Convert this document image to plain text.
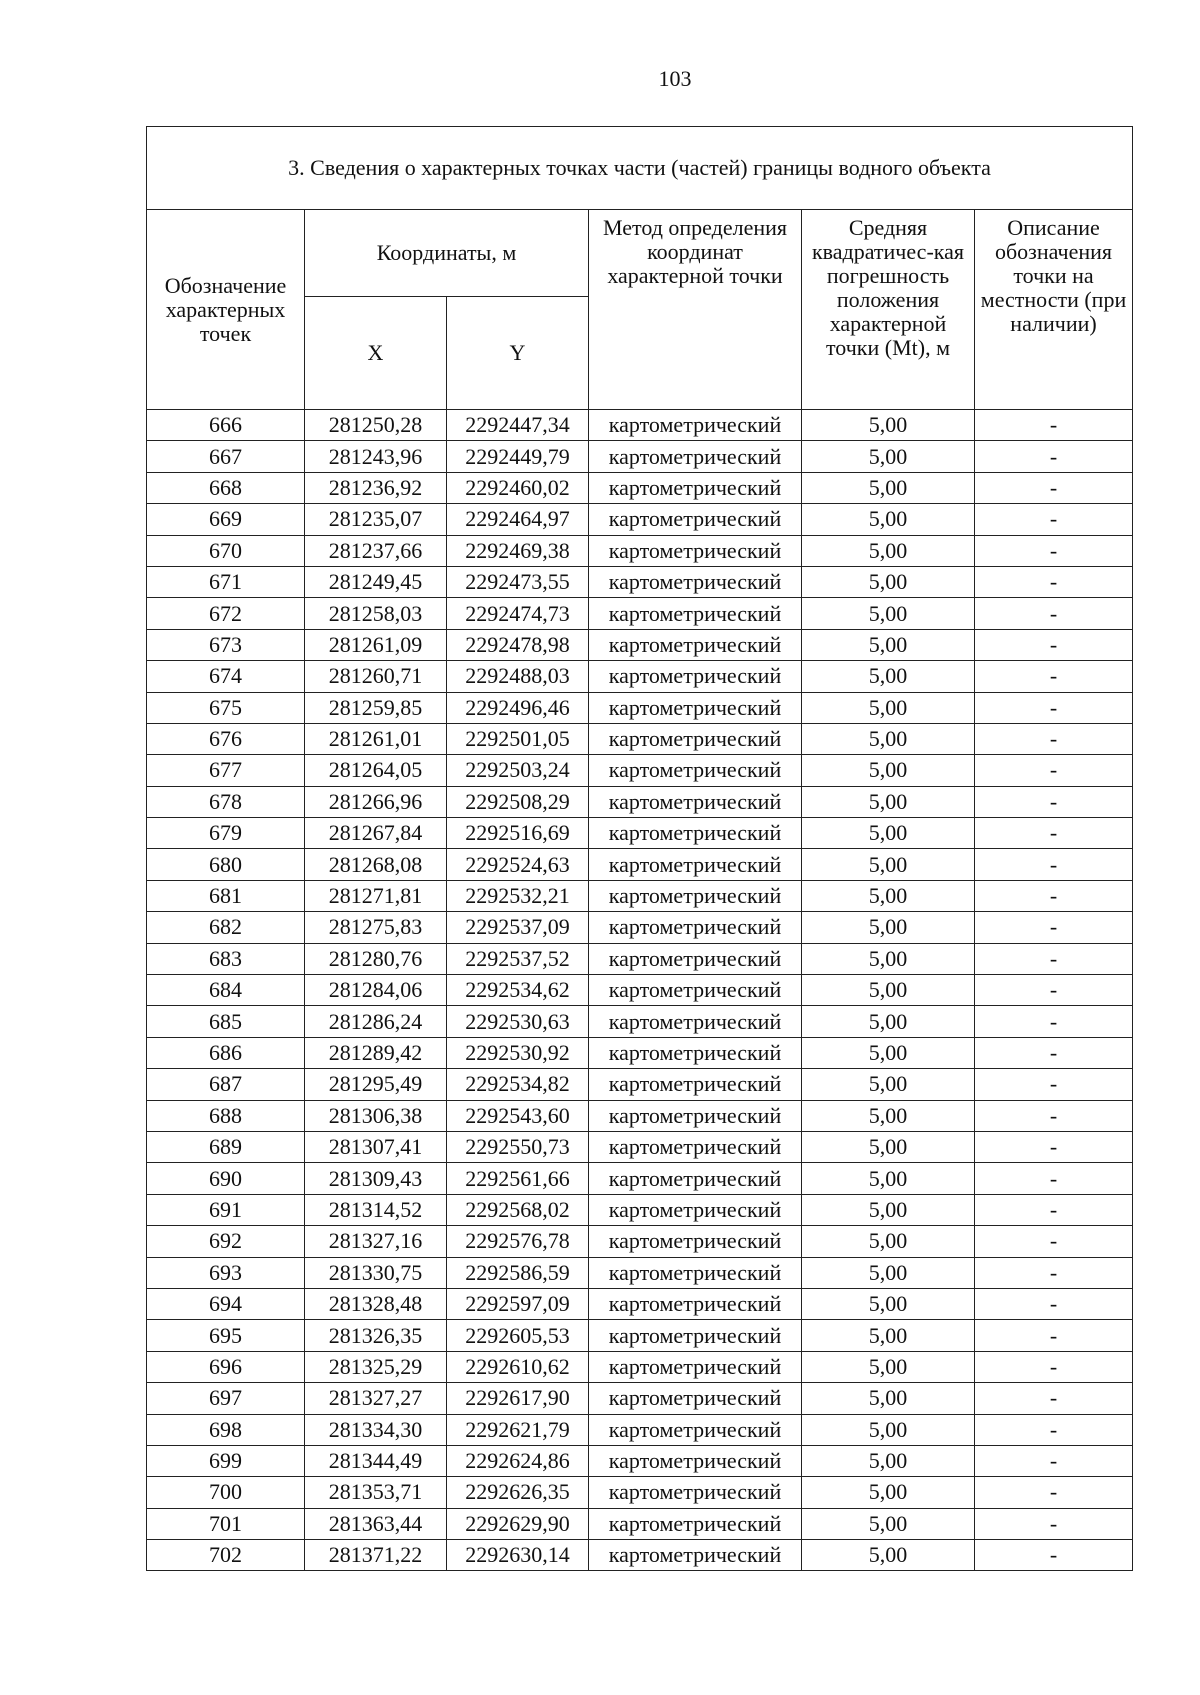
103
3. Сведения о характерных точках части (частей) границы водного объекта					
Обозначение характерных точек	Координаты, м		Метод определения координат характерной точки	Средняя квадратичес-кая погрешность положения характерной точки (Mt), м	Описание обозначения точки на местности (при наличии)
	X	Y			
666	281250,28	2292447,34	картометрический	5,00	-
667	281243,96	2292449,79	картометрический	5,00	-
668	281236,92	2292460,02	картометрический	5,00	-
669	281235,07	2292464,97	картометрический	5,00	-
670	281237,66	2292469,38	картометрический	5,00	-
671	281249,45	2292473,55	картометрический	5,00	-
672	281258,03	2292474,73	картометрический	5,00	-
673	281261,09	2292478,98	картометрический	5,00	-
674	281260,71	2292488,03	картометрический	5,00	-
675	281259,85	2292496,46	картометрический	5,00	-
676	281261,01	2292501,05	картометрический	5,00	-
677	281264,05	2292503,24	картометрический	5,00	-
678	281266,96	2292508,29	картометрический	5,00	-
679	281267,84	2292516,69	картометрический	5,00	-
680	281268,08	2292524,63	картометрический	5,00	-
681	281271,81	2292532,21	картометрический	5,00	-
682	281275,83	2292537,09	картометрический	5,00	-
683	281280,76	2292537,52	картометрический	5,00	-
684	281284,06	2292534,62	картометрический	5,00	-
685	281286,24	2292530,63	картометрический	5,00	-
686	281289,42	2292530,92	картометрический	5,00	-
687	281295,49	2292534,82	картометрический	5,00	-
688	281306,38	2292543,60	картометрический	5,00	-
689	281307,41	2292550,73	картометрический	5,00	-
690	281309,43	2292561,66	картометрический	5,00	-
691	281314,52	2292568,02	картометрический	5,00	-
692	281327,16	2292576,78	картометрический	5,00	-
693	281330,75	2292586,59	картометрический	5,00	-
694	281328,48	2292597,09	картометрический	5,00	-
695	281326,35	2292605,53	картометрический	5,00	-
696	281325,29	2292610,62	картометрический	5,00	-
697	281327,27	2292617,90	картометрический	5,00	-
698	281334,30	2292621,79	картометрический	5,00	-
699	281344,49	2292624,86	картометрический	5,00	-
700	281353,71	2292626,35	картометрический	5,00	-
701	281363,44	2292629,90	картометрический	5,00	-
702	281371,22	2292630,14	картометрический	5,00	-
